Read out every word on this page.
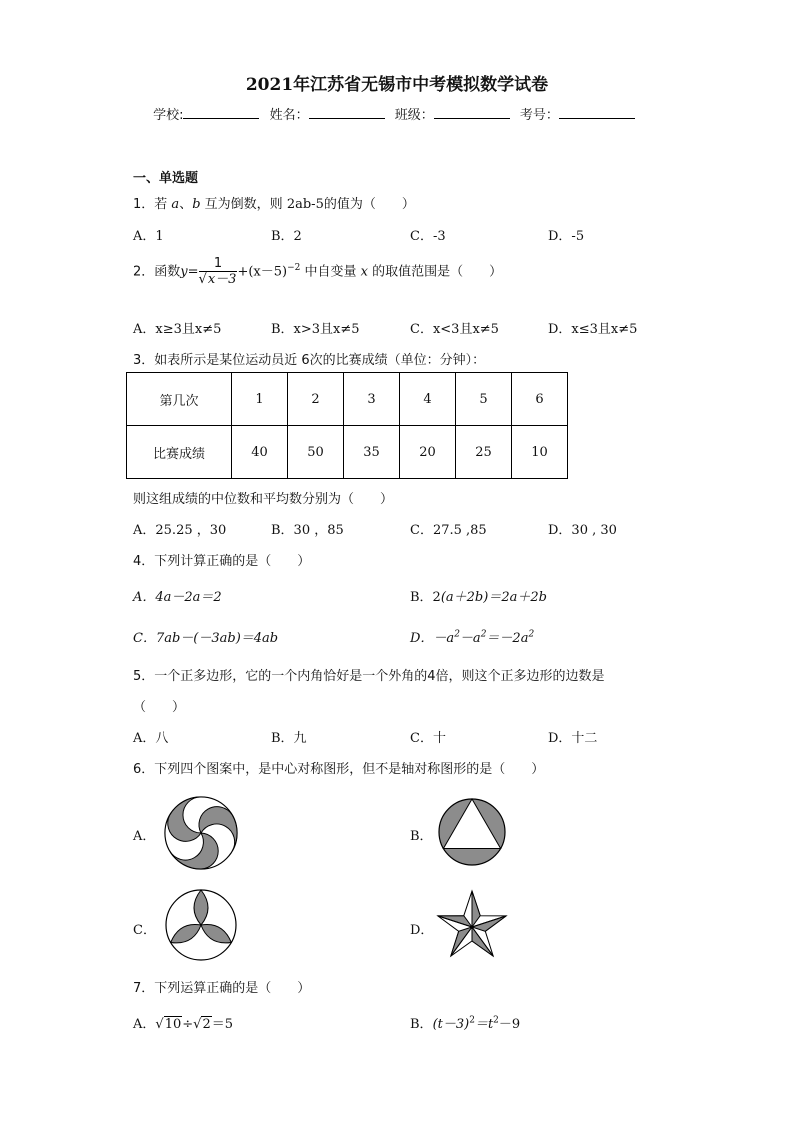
2021年江苏省无锡市中考模拟数学试卷
学校:	姓名：	班级：	考号：
一、单选题
1．若 a、b 互为倒数，则 2ab-5的值为（　　）
A．1	B．2	C．-3	D．-5
2．函数$y= \frac{1}{√x-3} +(x-5)^{-2}$ 中自变量 x 的取值范围是（　　）
A．x≥3且x≠5	B．x>3且x≠5	C．x<3且x≠5	D．x≤3且x≠5
3．如表所示是某位运动员近 6次的比赛成绩（单位：分钟）：
第几次	1	2	3	4	5	6
比赛成绩	40	50	35	20	25	10
则这组成绩的中位数和平均数分别为（　　）
A．25.25 ，30	B．30 ，85	C．27.5 ,85	D．30 , 30
4．下列计算正确的是（　　）
A．4a－2a＝2	B．2(a＋2b)＝2a＋2b
C．7ab－(－3ab)＝4ab	D．$-a^2-a^2=-2a^2$
5．一个正多边形，它的一个内角恰好是一个外角的4倍，则这个正多边形的边数是
（　　）
A．八	B．九	C．十	D．十二
6．下列四个图案中，是中心对称图形，但不是轴对称图形的是（　　）
A．	B．
C．	D．
7．下列运算正确的是（　　）
A．√10÷√2＝5	B．$(t-3)^2=t^2-9$
